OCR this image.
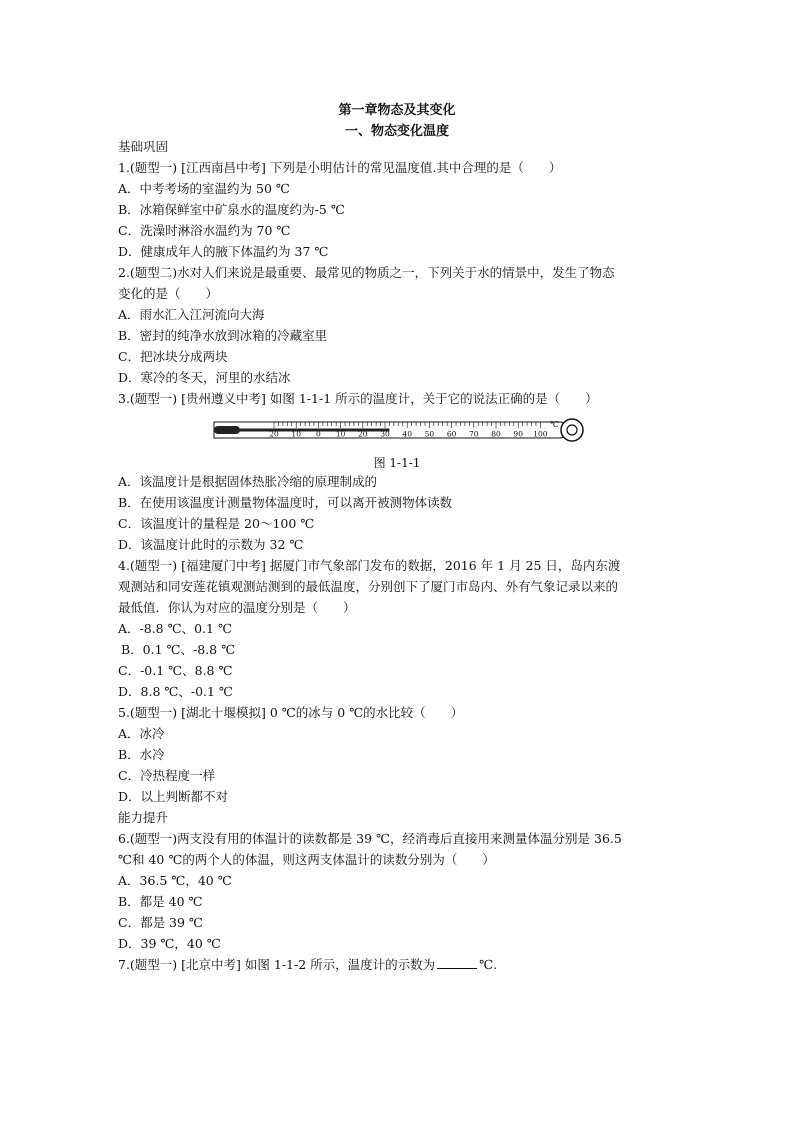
第一章物态及其变化
一、物态变化温度
基础巩固
1.(题型一) [江西南昌中考] 下列是小明估计的常见温度值.其中合理的是（　　）
A．中考考场的室温约为 50 ℃
B．冰箱保鲜室中矿泉水的温度约为-5 ℃
C．洗澡时淋浴水温约为 70 ℃
D．健康成年人的腋下体温约为 37 ℃
2.(题型二)水对人们来说是最重要、最常见的物质之一，下列关于水的情景中，发生了物态
变化的是（　　）
A．雨水汇入江河流向大海
B．密封的纯净水放到冰箱的冷藏室里
C．把冰块分成两块
D．寒冷的冬天，河里的水结冰
3.(题型一) [贵州遵义中考] 如图 1-1-1 所示的温度计，关于它的说法正确的是（　　）
20 10 0 10 20 30 40 50 60 70 80 90 100
℃
图 1-1-1
A．该温度计是根据固体热胀冷缩的原理制成的
B．在使用该温度计测量物体温度时，可以离开被测物体读数
C．该温度计的量程是 20～100 ℃
D．该温度计此时的示数为 32 ℃
4.(题型一) [福建厦门中考] 据厦门市气象部门发布的数据，2016 年 1 月 25 日，岛内东渡
观测站和同安莲花镇观测站测到的最低温度，分别创下了厦门市岛内、外有气象记录以来的
最低值．你认为对应的温度分别是（　　）
A．-8.8 ℃、0.1 ℃
B．0.1 ℃、-8.8 ℃
C．-0.1 ℃、8.8 ℃
D．8.8 ℃、-0.1 ℃
5.(题型一) [湖北十堰模拟] 0 ℃的冰与 0 ℃的水比较（　　）
A．冰冷
B．水冷
C．冷热程度一样
D．以上判断都不对
能力提升
6.(题型一)两支没有用的体温计的读数都是 39 ℃，经消毒后直接用来测量体温分别是 36.5
℃和 40 ℃的两个人的体温，则这两支体温计的读数分别为（　　）
A．36.5 ℃，40 ℃
B．都是 40 ℃
C．都是 39 ℃
D．39 ℃，40 ℃
7.(题型一) [北京中考] 如图 1-1-2 所示，温度计的示数为	℃.
